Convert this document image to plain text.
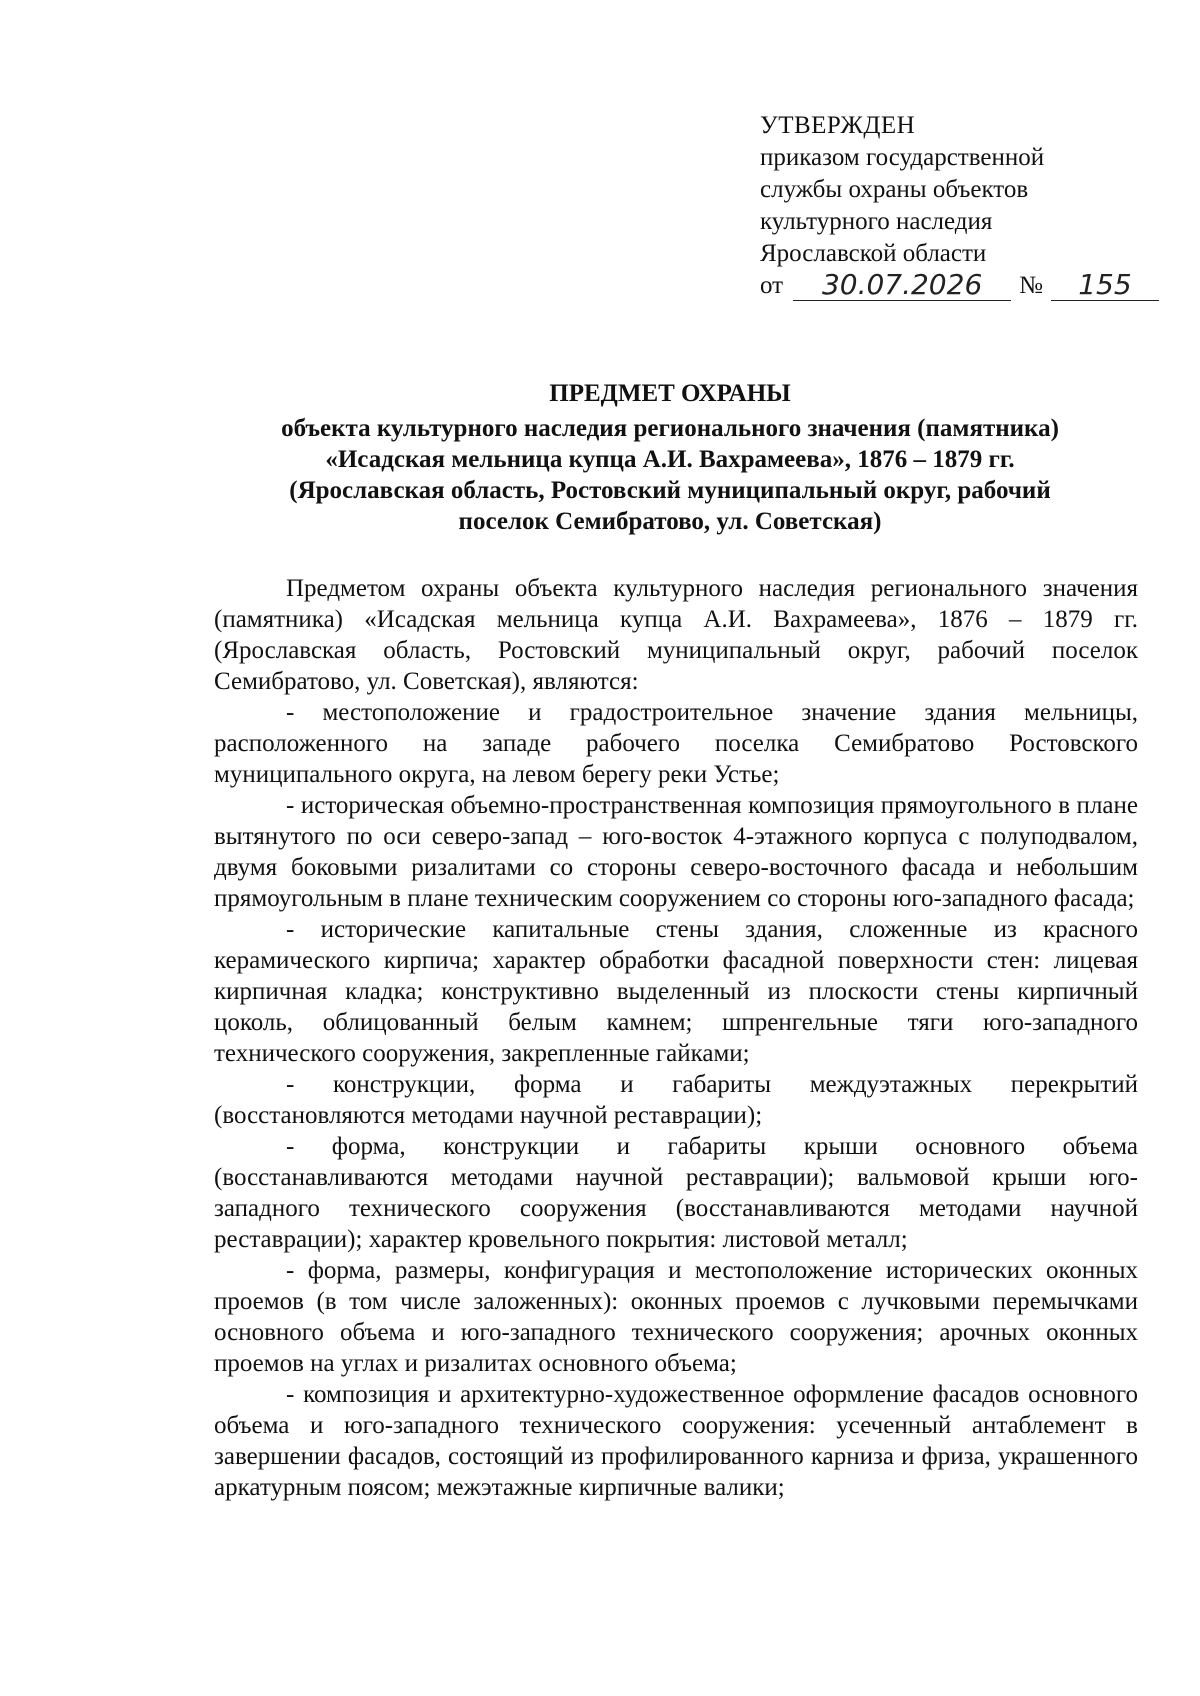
УТВЕРЖДЕН
приказом государственной
службы охраны объектов
культурного наследия
Ярославской области
от	30.07.2026	№	155
ПРЕДМЕТ ОХРАНЫ
объекта культурного наследия регионального значения (памятника)
«Исадская мельница купца А.И. Вахрамеева», 1876 – 1879 гг.
(Ярославская область, Ростовский муниципальный округ, рабочий
поселок Семибратово, ул. Советская)

Предметом охраны объекта культурного наследия регионального значения (памятника) «Исадская мельница купца А.И. Вахрамеева», 1876 – 1879 гг. (Ярославская область, Ростовский муниципальный округ, рабочий поселок Семибратово, ул. Советская), являются:

- местоположение и градостроительное значение здания мельницы, расположенного на западе рабочего поселка Семибратово Ростовского муниципального округа, на левом берегу реки Устье;

- историческая объемно-пространственная композиция прямоугольного в плане вытянутого по оси северо-запад – юго-восток 4-этажного корпуса с полуподвалом, двумя боковыми ризалитами со стороны северо-восточного фасада и небольшим прямоугольным в плане техническим сооружением со стороны юго-западного фасада;

- исторические капитальные стены здания, сложенные из красного керамического кирпича; характер обработки фасадной поверхности стен: лицевая кирпичная кладка; конструктивно выделенный из плоскости стены кирпичный цоколь, облицованный белым камнем; шпренгельные тяги юго-западного технического сооружения, закрепленные гайками;

- конструкции, форма и габариты междуэтажных перекрытий (восстановляются методами научной реставрации);

- форма, конструкции и габариты крыши основного объема (восстанавливаются методами научной реставрации); вальмовой крыши юго-западного технического сооружения (восстанавливаются методами научной реставрации); характер кровельного покрытия: листовой металл;

- форма, размеры, конфигурация и местоположение исторических оконных проемов (в том числе заложенных): оконных проемов с лучковыми перемычками основного объема и юго-западного технического сооружения; арочных оконных проемов на углах и ризалитах основного объема;

- композиция и архитектурно-художественное оформление фасадов основного объема и юго-западного технического сооружения: усеченный антаблемент в завершении фасадов, состоящий из профилированного карниза и фриза, украшенного аркатурным поясом; межэтажные кирпичные валики;
